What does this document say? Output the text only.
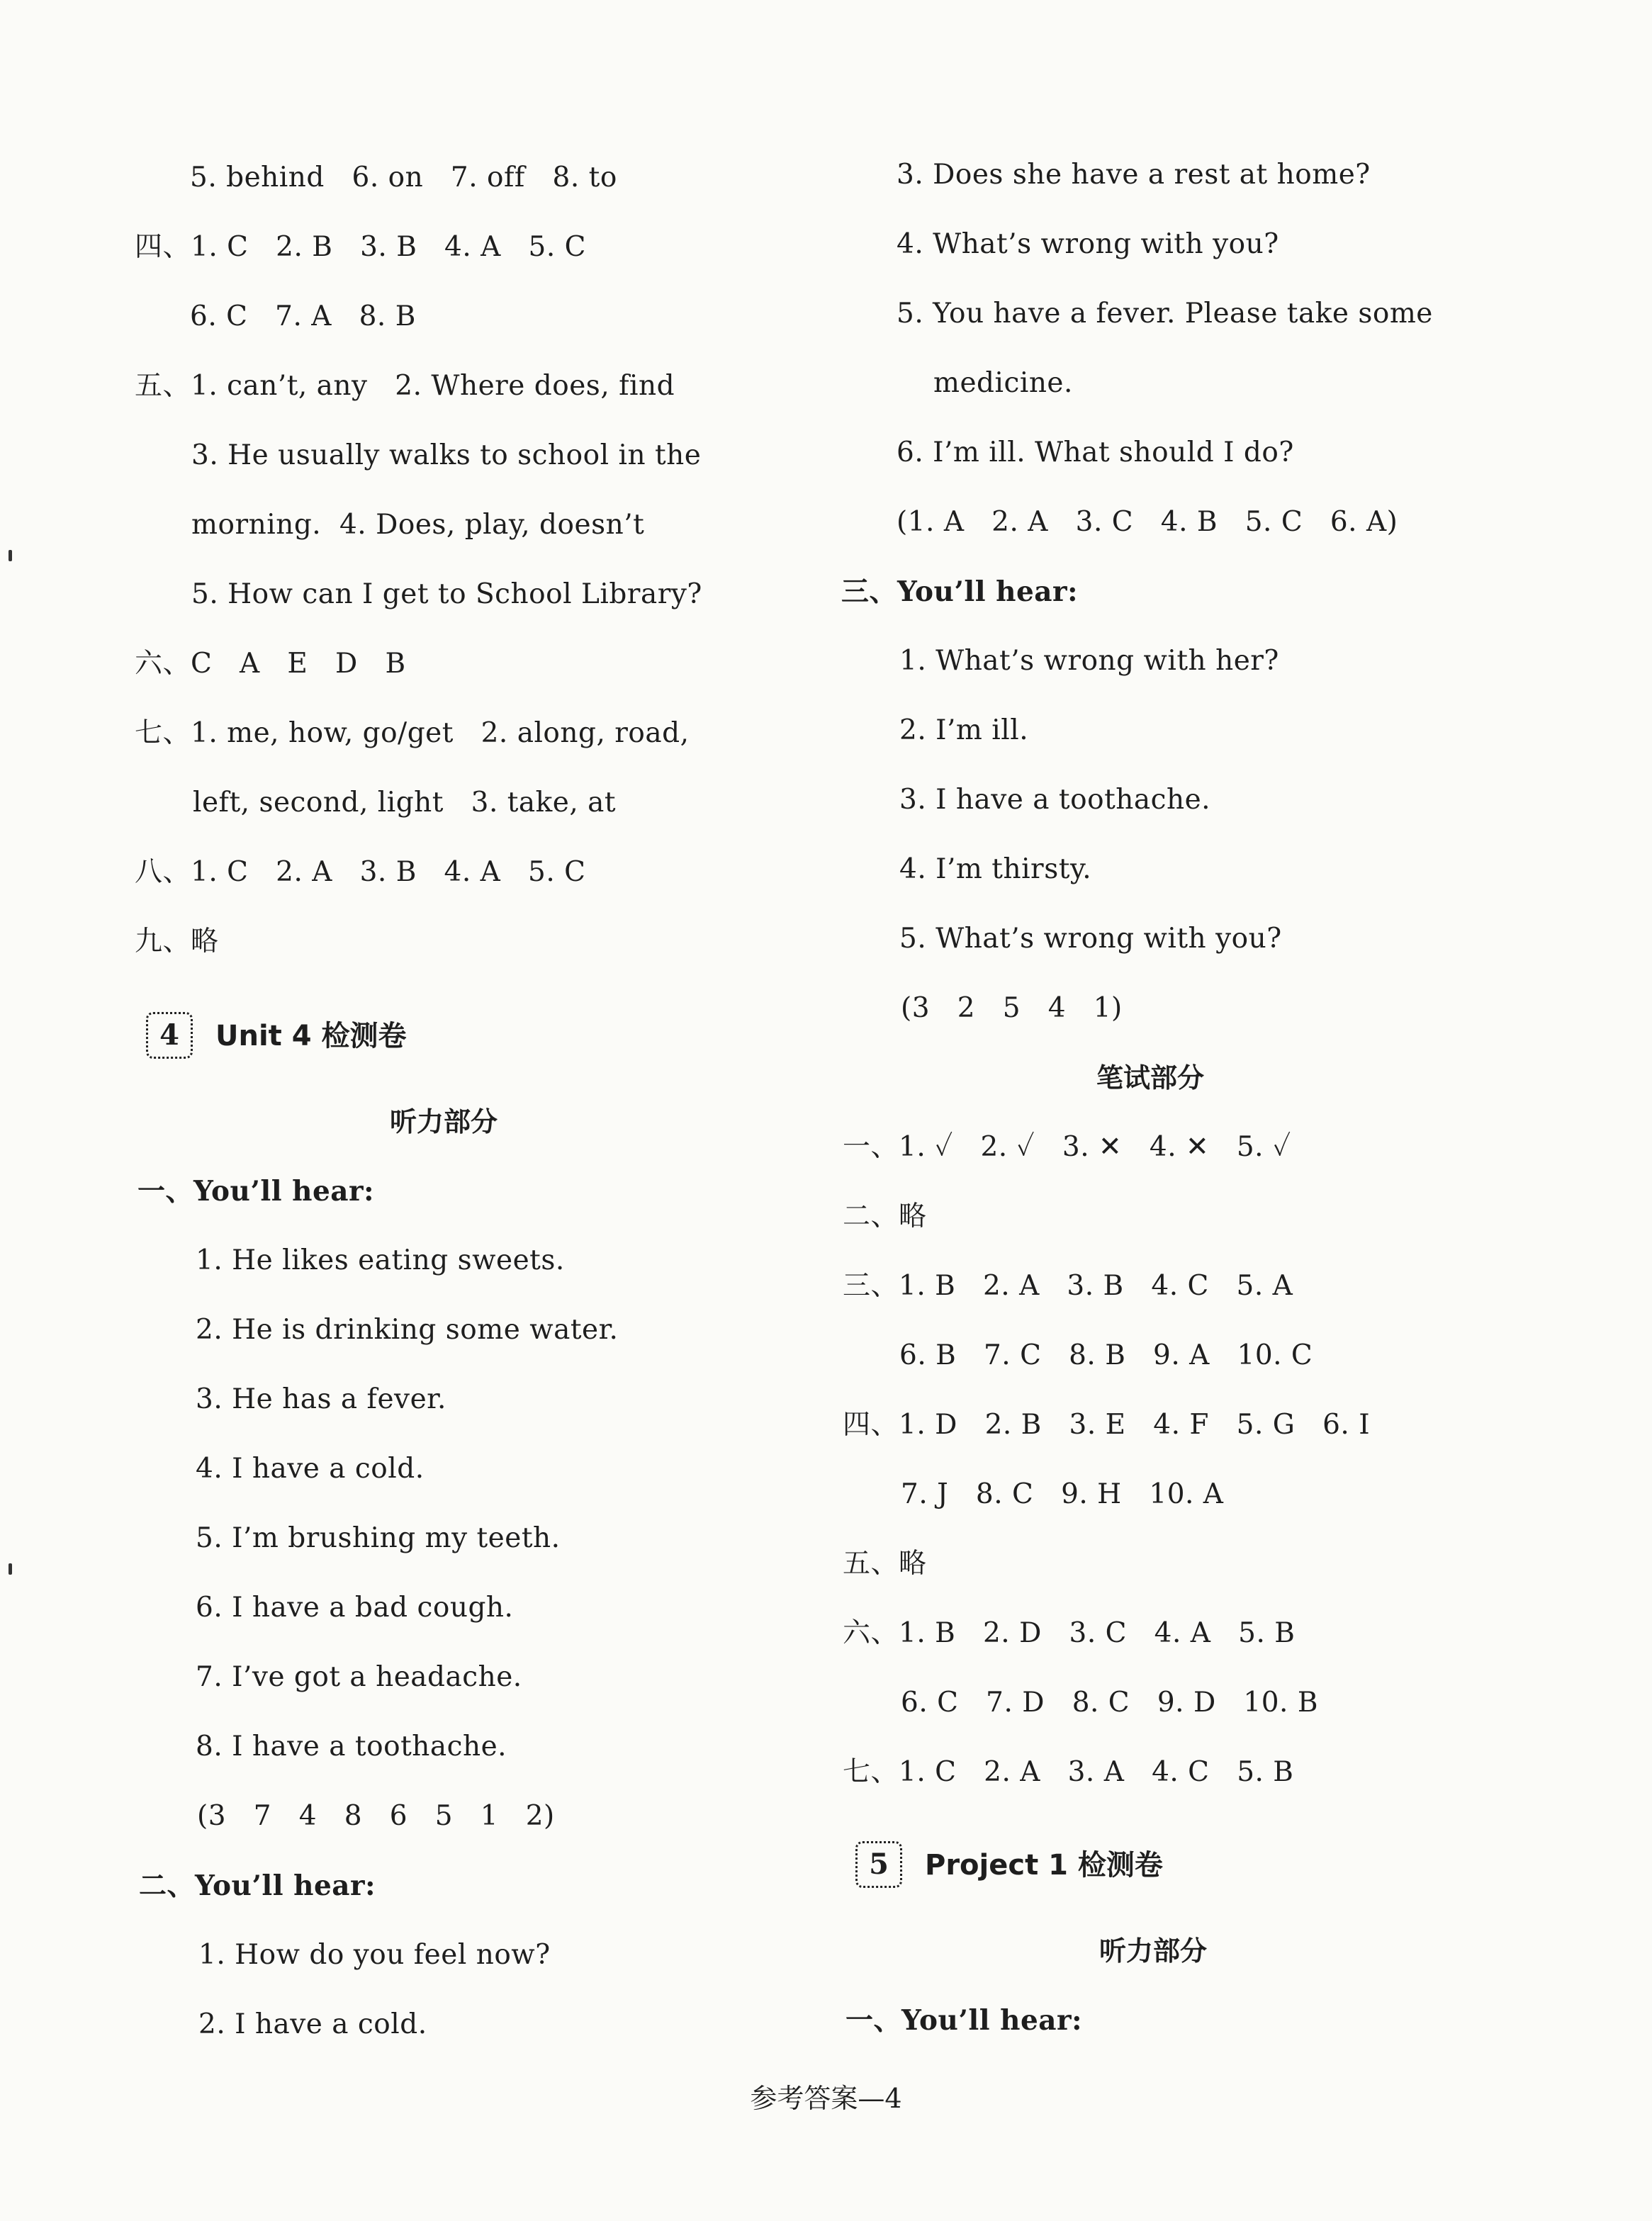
5. behind   6. on   7. off   8. to
四、1. C   2. B   3. B   4. A   5. C
6. C   7. A   8. B
五、1. can’t, any   2. Where does, find
3. He usually walks to school in the
morning.  4. Does, play, doesn’t
5. How can I get to School Library?
六、C   A   E   D   B
七、1. me, how, go/get   2. along, road,
left, second, light   3. take, at
八、1. C   2. A   3. B   4. A   5. C
九、略
4	Unit 4 检测卷
听力部分
一、You’ll hear:
1. He likes eating sweets.
2. He is drinking some water.
3. He has a fever.
4. I have a cold.
5. I’m brushing my teeth.
6. I have a bad cough.
7. I’ve got a headache.
8. I have a toothache.
(3   7   4   8   6   5   1   2)
二、You’ll hear:
1. How do you feel now?
2. I have a cold.
3. Does she have a rest at home?
4. What’s wrong with you?
5. You have a fever. Please take some
medicine.
6. I’m ill. What should I do?
(1. A   2. A   3. C   4. B   5. C   6. A)
三、You’ll hear:
1. What’s wrong with her?
2. I’m ill.
3. I have a toothache.
4. I’m thirsty.
5. What’s wrong with you?
(3   2   5   4   1)
笔试部分
一、1. ✓   2. ✓   3. ✕   4. ✕   5. ✓
二、略
三、1. B   2. A   3. B   4. C   5. A
6. B   7. C   8. B   9. A   10. C
四、1. D   2. B   3. E   4. F   5. G   6. I
7. J   8. C   9. H   10. A
五、略
六、1. B   2. D   3. C   4. A   5. B
6. C   7. D   8. C   9. D   10. B
七、1. C   2. A   3. A   4. C   5. B
5	Project 1 检测卷
听力部分
一、You’ll hear:
参考答案—4
